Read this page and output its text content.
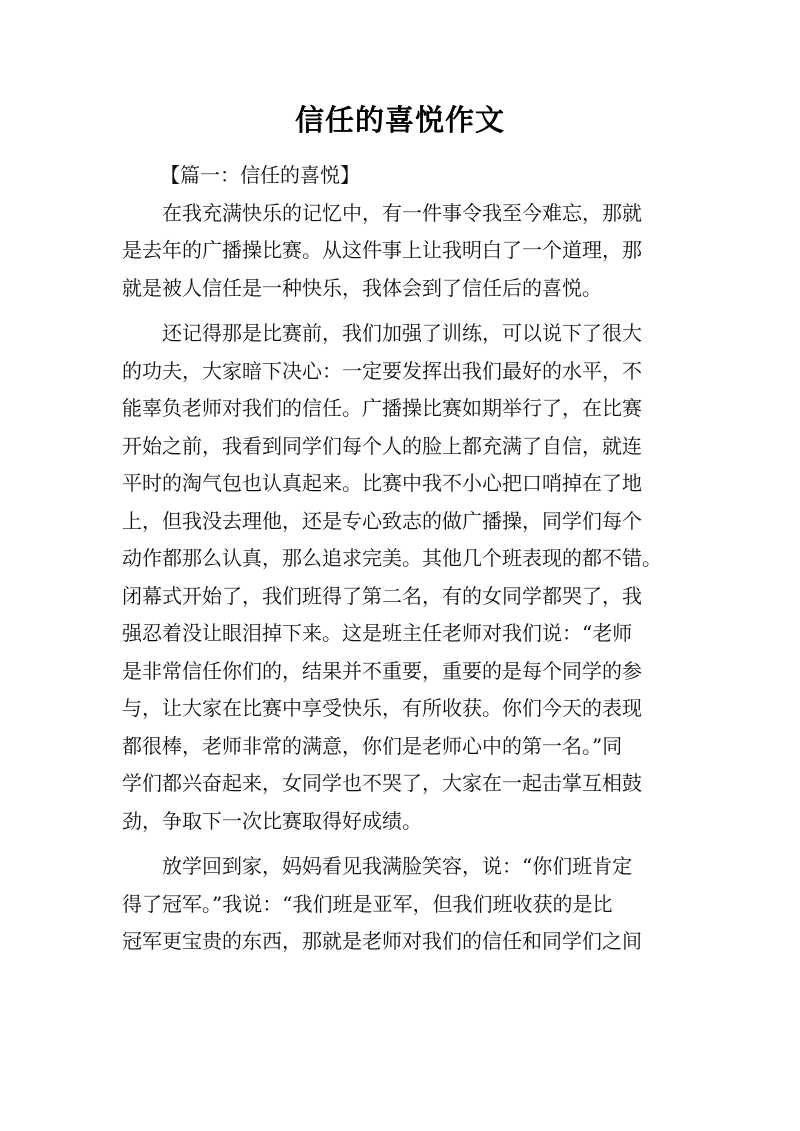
信任的喜悦作文
【篇一：信任的喜悦】
在我充满快乐的记忆中，有一件事令我至今难忘，那就
是去年的广播操比赛。从这件事上让我明白了一个道理，那
就是被人信任是一种快乐，我体会到了信任后的喜悦。
还记得那是比赛前，我们加强了训练，可以说下了很大
的功夫，大家暗下决心：一定要发挥出我们最好的水平，不
能辜负老师对我们的信任。广播操比赛如期举行了，在比赛
开始之前，我看到同学们每个人的脸上都充满了自信，就连
平时的淘气包也认真起来。比赛中我不小心把口哨掉在了地
上，但我没去理他，还是专心致志的做广播操，同学们每个
动作都那么认真，那么追求完美。其他几个班表现的都不错。
闭幕式开始了，我们班得了第二名，有的女同学都哭了，我
强忍着没让眼泪掉下来。这是班主任老师对我们说：“老师
是非常信任你们的，结果并不重要，重要的是每个同学的参
与，让大家在比赛中享受快乐，有所收获。你们今天的表现
都很棒，老师非常的满意，你们是老师心中的第一名。”同
学们都兴奋起来，女同学也不哭了，大家在一起击掌互相鼓
劲，争取下一次比赛取得好成绩。
放学回到家，妈妈看见我满脸笑容，说：“你们班肯定
得了冠军。”我说：“我们班是亚军，但我们班收获的是比
冠军更宝贵的东西，那就是老师对我们的信任和同学们之间
